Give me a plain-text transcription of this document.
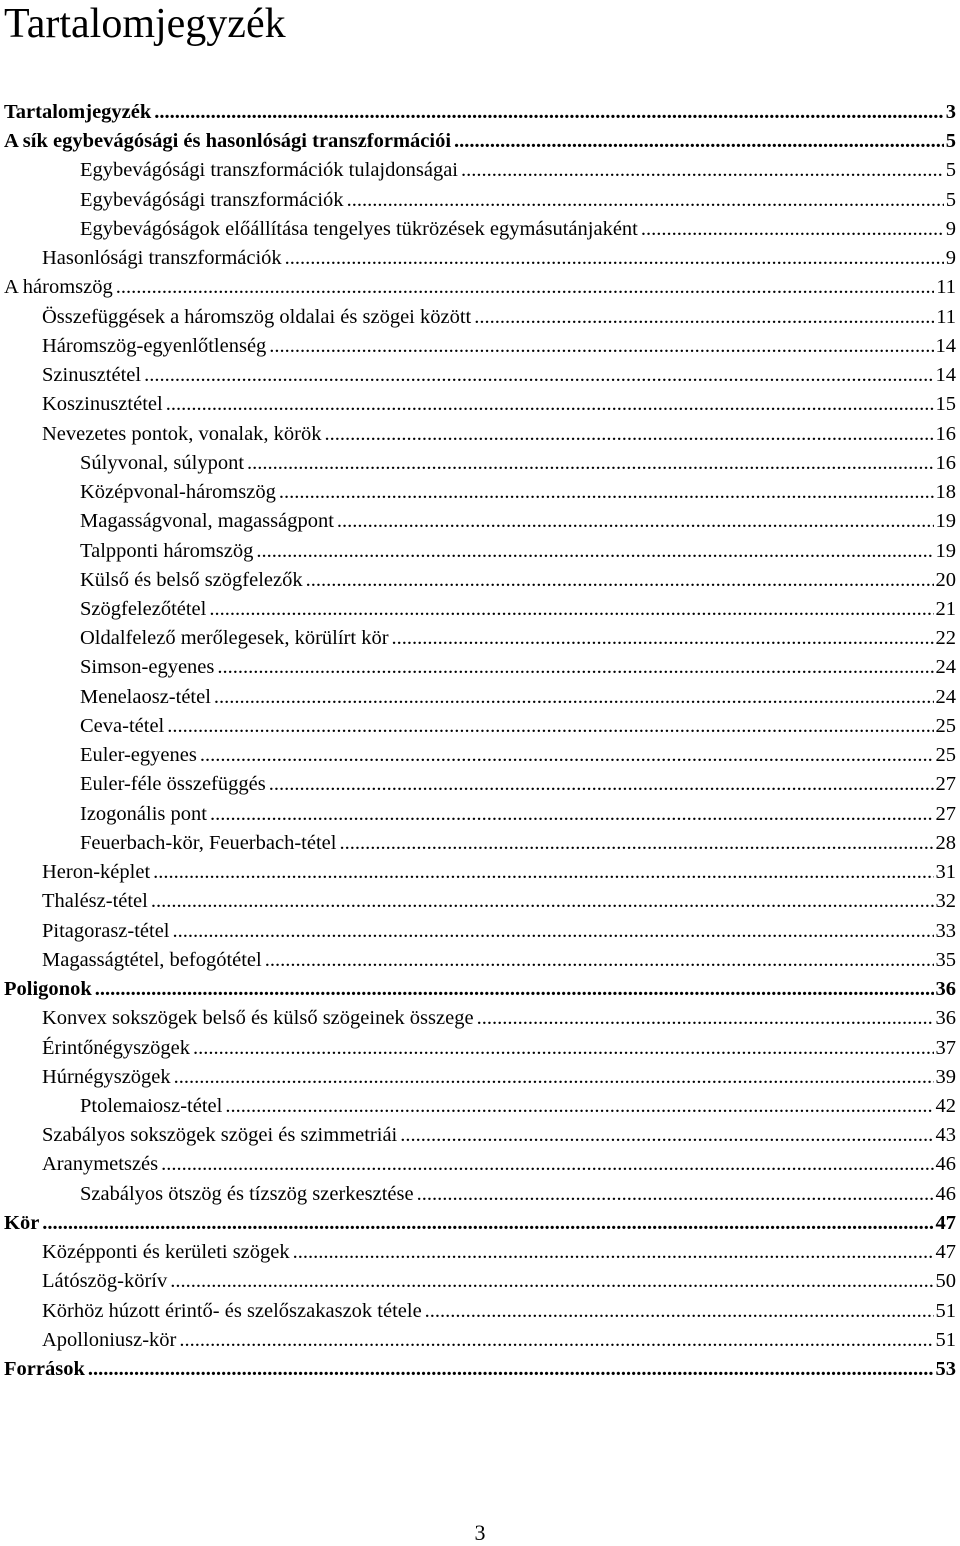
Tartalomjegyzék
Tartalomjegyzék .....	3
A sík egybevágósági és hasonlósági transzformációi .....	5
Egybevágósági transzformációk tulajdonságai .....	5
Egybevágósági transzformációk .....	5
Egybevágóságok előállítása tengelyes tükrözések egymásutánjaként .....	9
Hasonlósági transzformációk .....	9
A háromszög .....	11
Összefüggések a háromszög oldalai és szögei között .....	11
Háromszög-egyenlőtlenség .....	14
Szinusztétel .....	14
Koszinusztétel .....	15
Nevezetes pontok, vonalak, körök .....	16
Súlyvonal, súlypont .....	16
Középvonal-háromszög .....	18
Magasságvonal, magasságpont .....	19
Talpponti háromszög .....	19
Külső és belső szögfelezők .....	20
Szögfelezőtétel .....	21
Oldalfelező merőlegesek, körülírt kör .....	22
Simson-egyenes .....	24
Menelaosz-tétel .....	24
Ceva-tétel .....	25
Euler-egyenes .....	25
Euler-féle összefüggés .....	27
Izogonális pont .....	27
Feuerbach-kör, Feuerbach-tétel .....	28
Heron-képlet .....	31
Thalész-tétel .....	32
Pitagorasz-tétel .....	33
Magasságtétel, befogótétel .....	35
Poligonok .....	36
Konvex sokszögek belső és külső szögeinek összege .....	36
Érintőnégyszögek .....	37
Húrnégyszögek .....	39
Ptolemaiosz-tétel .....	42
Szabályos sokszögek szögei és szimmetriái .....	43
Aranymetszés .....	46
Szabályos ötszög és tízszög szerkesztése .....	46
Kör .....	47
Középponti és kerületi szögek .....	47
Látószög-körív .....	50
Körhöz húzott érintő- és szelőszakaszok tétele .....	51
Apolloniusz-kör .....	51
Források .....	53
3
